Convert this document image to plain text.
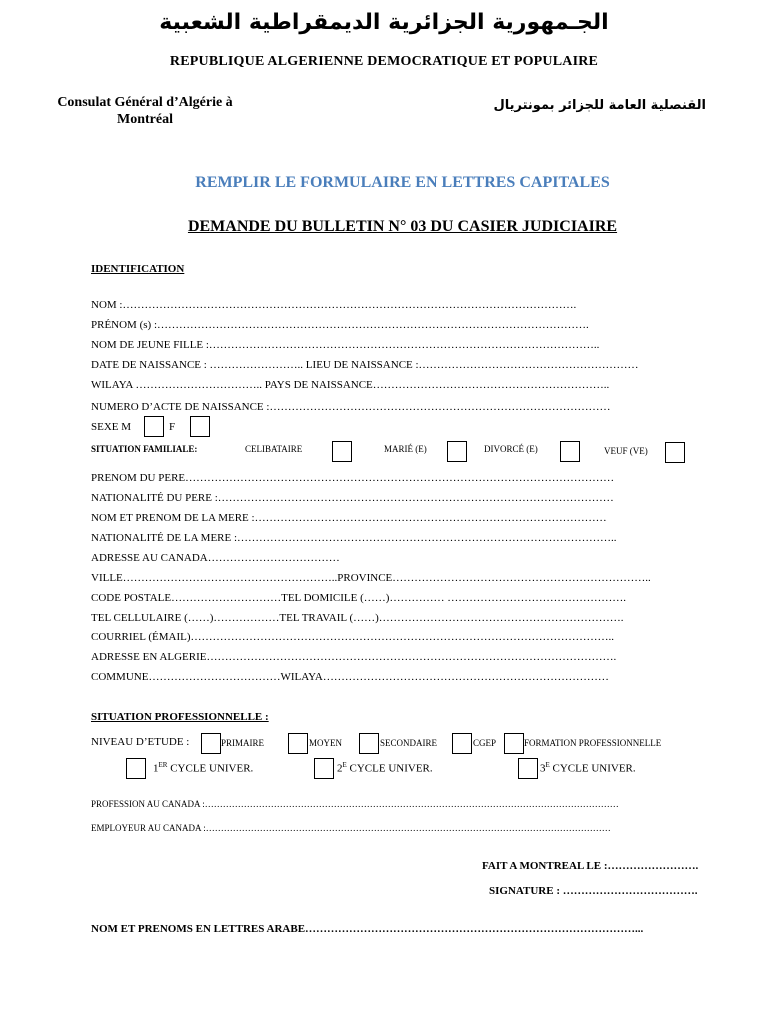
الجـمهورية الجزائرية الديمقراطية الشعبية
REPUBLIQUE ALGERIENNE DEMOCRATIQUE ET POPULAIRE
Consulat Général d’Algérie à
Montréal
القنصلية العامة للجزائر بمونتريال
REMPLIR LE FORMULAIRE EN LETTRES CAPITALES
DEMANDE DU BULLETIN N° 03 DU CASIER JUDICIAIRE
IDENTIFICATION
NOM :…………………………………………………………………………………………………………….
PRÉNOM (s) :……………………………………………………………………………………………………….
NOM DE JEUNE FILLE :……………………………………………………………………………………………..
DATE DE NAISSANCE : …………………….. LIEU DE NAISSANCE :……………………………………………………
WILAYA …………………………….. PAYS DE NAISSANCE………………………………………………………..
NUMERO D’ACTE DE NAISSANCE :…………………………………………………………………………………
SEXE M	F
SITUATION FAMILIALE:	CELIBATAIRE	MARIÉ (E)	DIVORCÉ (E)	VEUF (VE)
PRENOM DU PERE………………………………………………………………………………………………………
NATIONALITÉ DU PERE :………………………………………………………………………………………………
NOM ET PRENOM DE LA MERE :……………………………………………………………………………………
NATIONALITÉ DE LA MERE :…………………………………………………………………………………………..
ADRESSE AU CANADA………………………………
VILLE…………………………………………………..PROVINCE……………………………………………………………..
CODE POSTALE…………………………TEL DOMICILE (……)…………… ………………………………………….
TEL CELLULAIRE (……)………………TEL TRAVAIL (……)………………………………………………………….
COURRIEL (ÉMAIL)……………………………………………………………………………………………………..
ADRESSE EN ALGERIE………………………………………………………………………………………………….
COMMUNE………………………………WILAYA……………………………………………………………………
SITUATION PROFESSIONNELLE :
NIVEAU D’ETUDE :	PRIMAIRE	MOYEN	SECONDAIRE	CGEP	FORMATION PROFESSIONNELLE
1ER CYCLE UNIVER.	$2^E$ CYCLE UNIVER.	$3^E$ CYCLE UNIVER.
PROFESSION AU CANADA :…………………………………………………………………………………………………………………………
EMPLOYEUR AU CANADA :………………………………………………………………………………………………………………………
FAIT A MONTREAL LE :…………………….
SIGNATURE : ……………………………….
NOM ET PRENOMS EN LETTRES ARABE………………………………………………………………………………...
